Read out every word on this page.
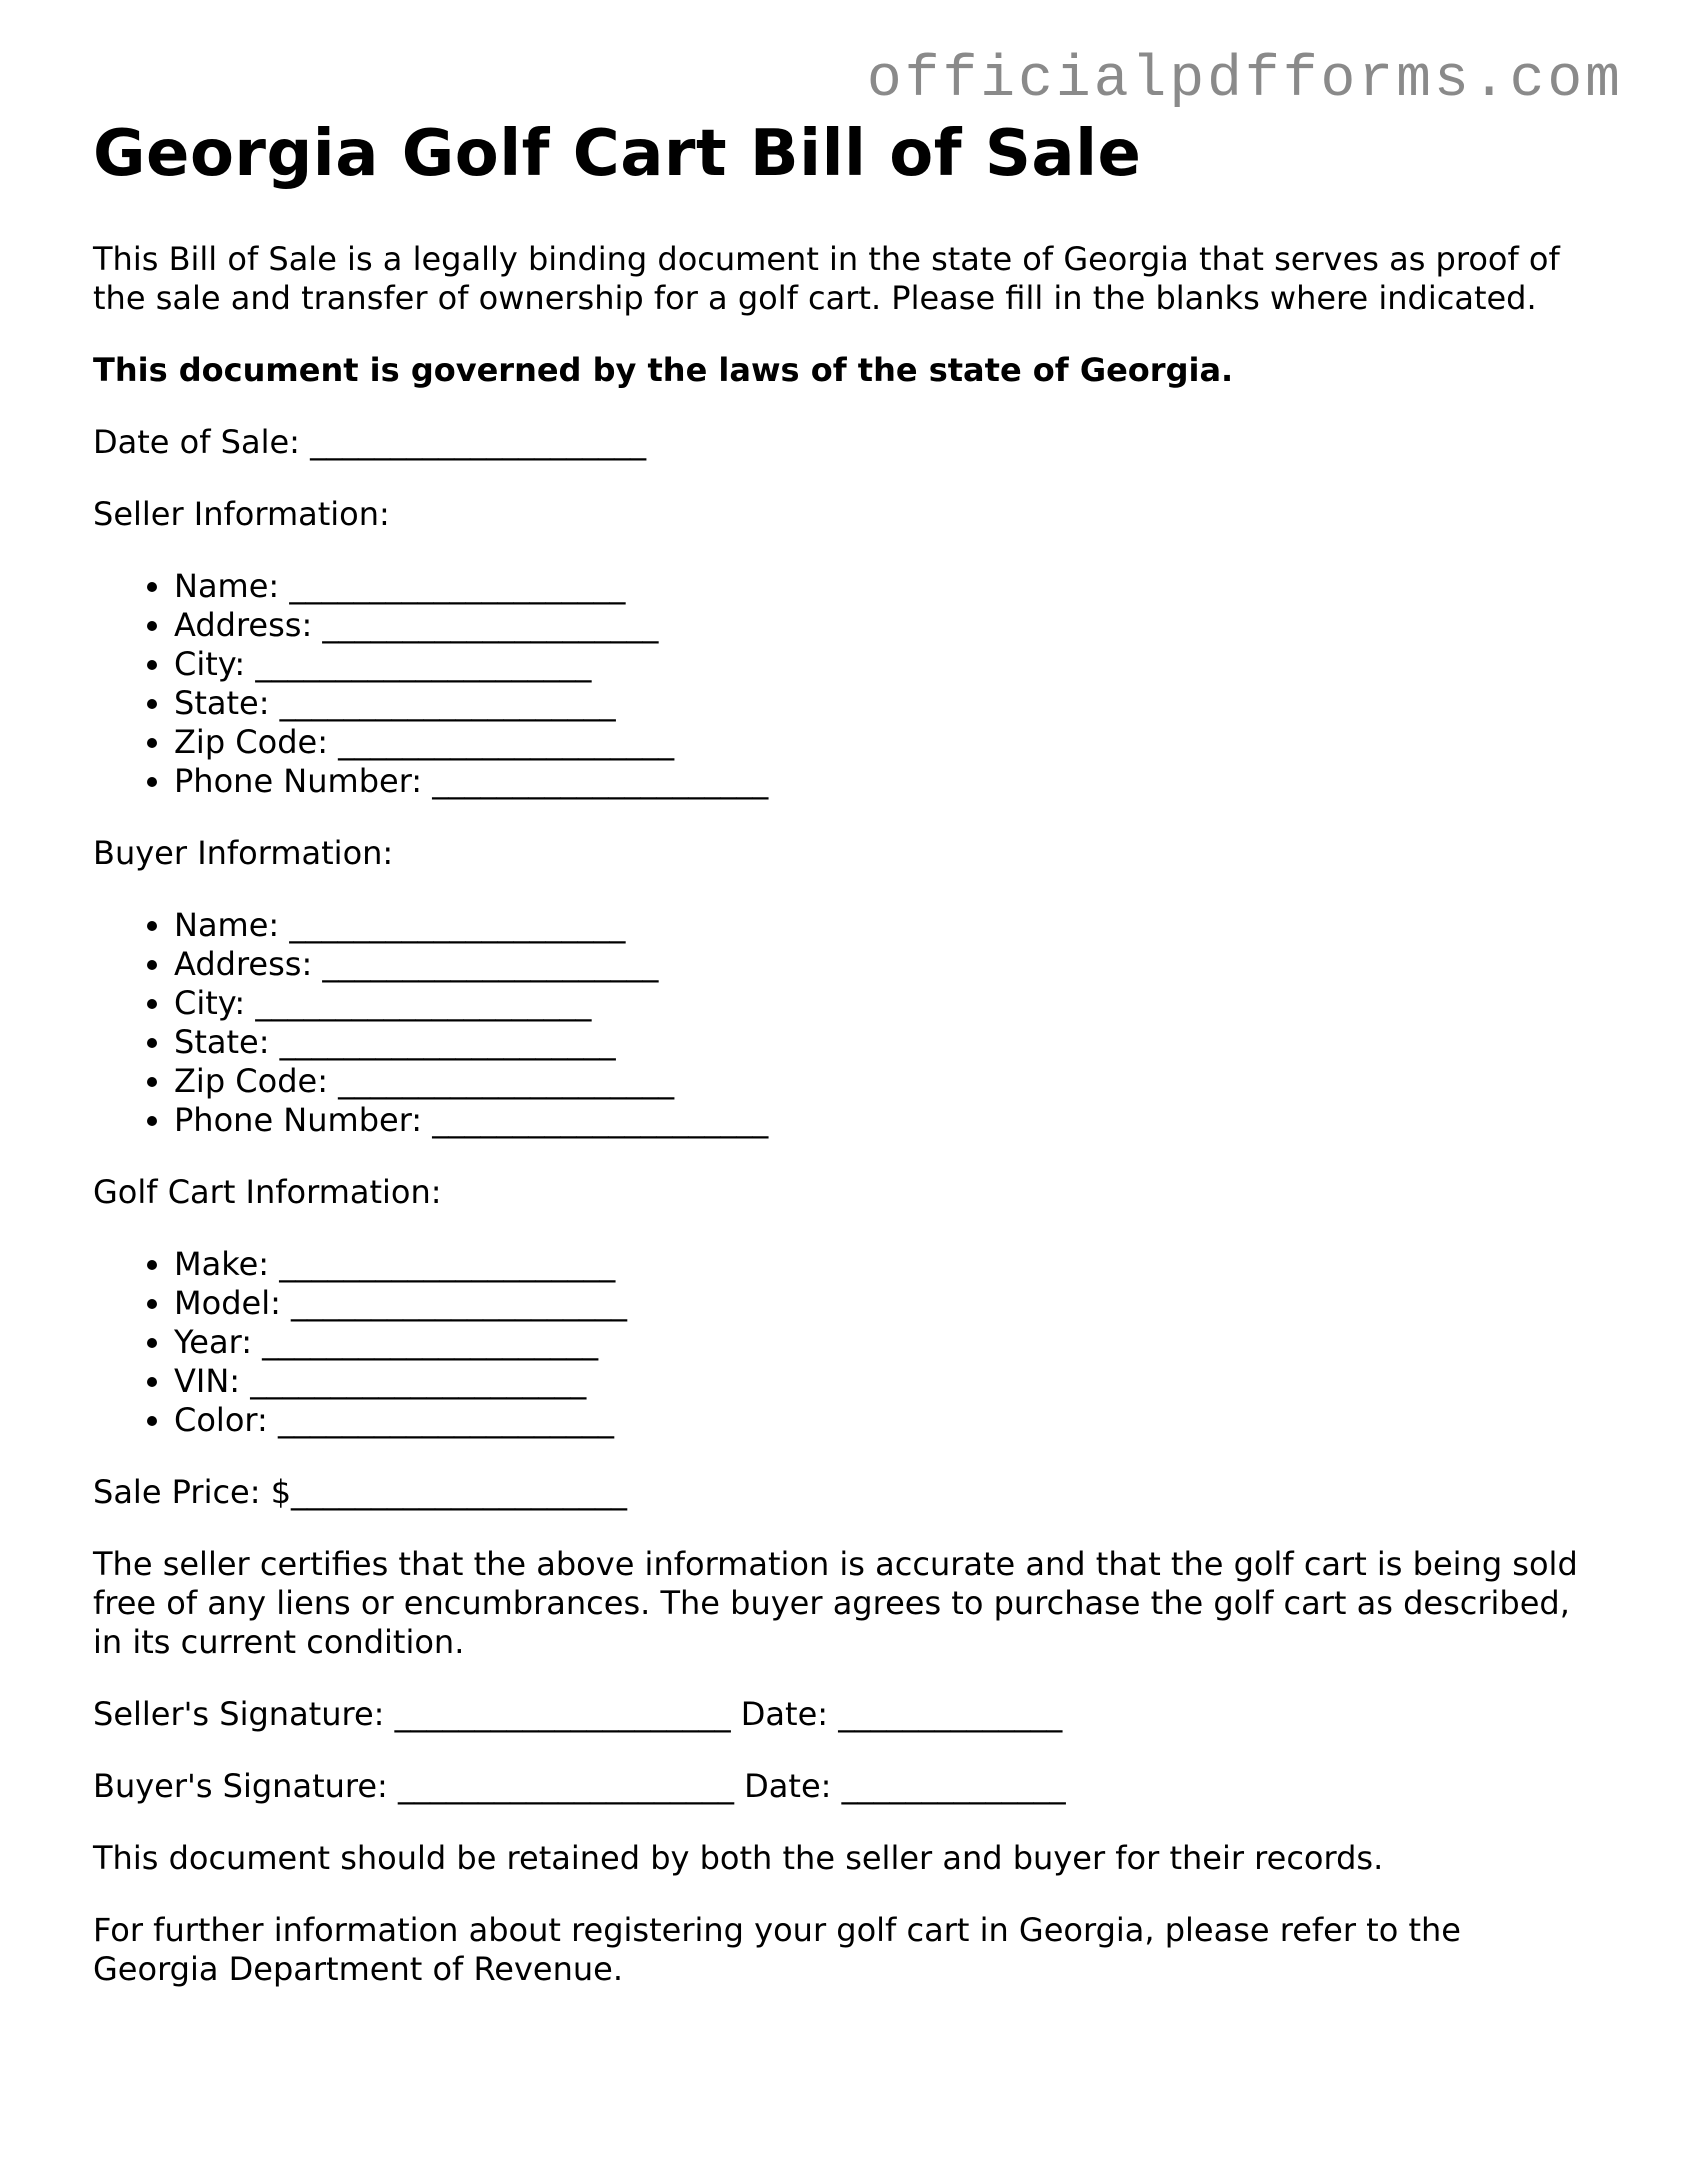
officialpdfforms.com
Georgia Golf Cart Bill of Sale

This Bill of Sale is a legally binding document in the state of Georgia that serves as proof of the sale and transfer of ownership for a golf cart. Please fill in the blanks where indicated.

This document is governed by the laws of the state of Georgia.

Date of Sale: _____________________

Seller Information:

• Name: _____________________
• Address: _____________________
• City: _____________________
• State: _____________________
• Zip Code: _____________________
• Phone Number: _____________________

Buyer Information:

• Name: _____________________
• Address: _____________________
• City: _____________________
• State: _____________________
• Zip Code: _____________________
• Phone Number: _____________________

Golf Cart Information:

• Make: _____________________
• Model: _____________________
• Year: _____________________
• VIN: _____________________
• Color: _____________________

Sale Price: $_____________________

The seller certifies that the above information is accurate and that the golf cart is being sold free of any liens or encumbrances. The buyer agrees to purchase the golf cart as described, in its current condition.

Seller's Signature: _____________________ Date: ______________

Buyer's Signature: _____________________ Date: ______________

This document should be retained by both the seller and buyer for their records.

For further information about registering your golf cart in Georgia, please refer to the Georgia Department of Revenue.
